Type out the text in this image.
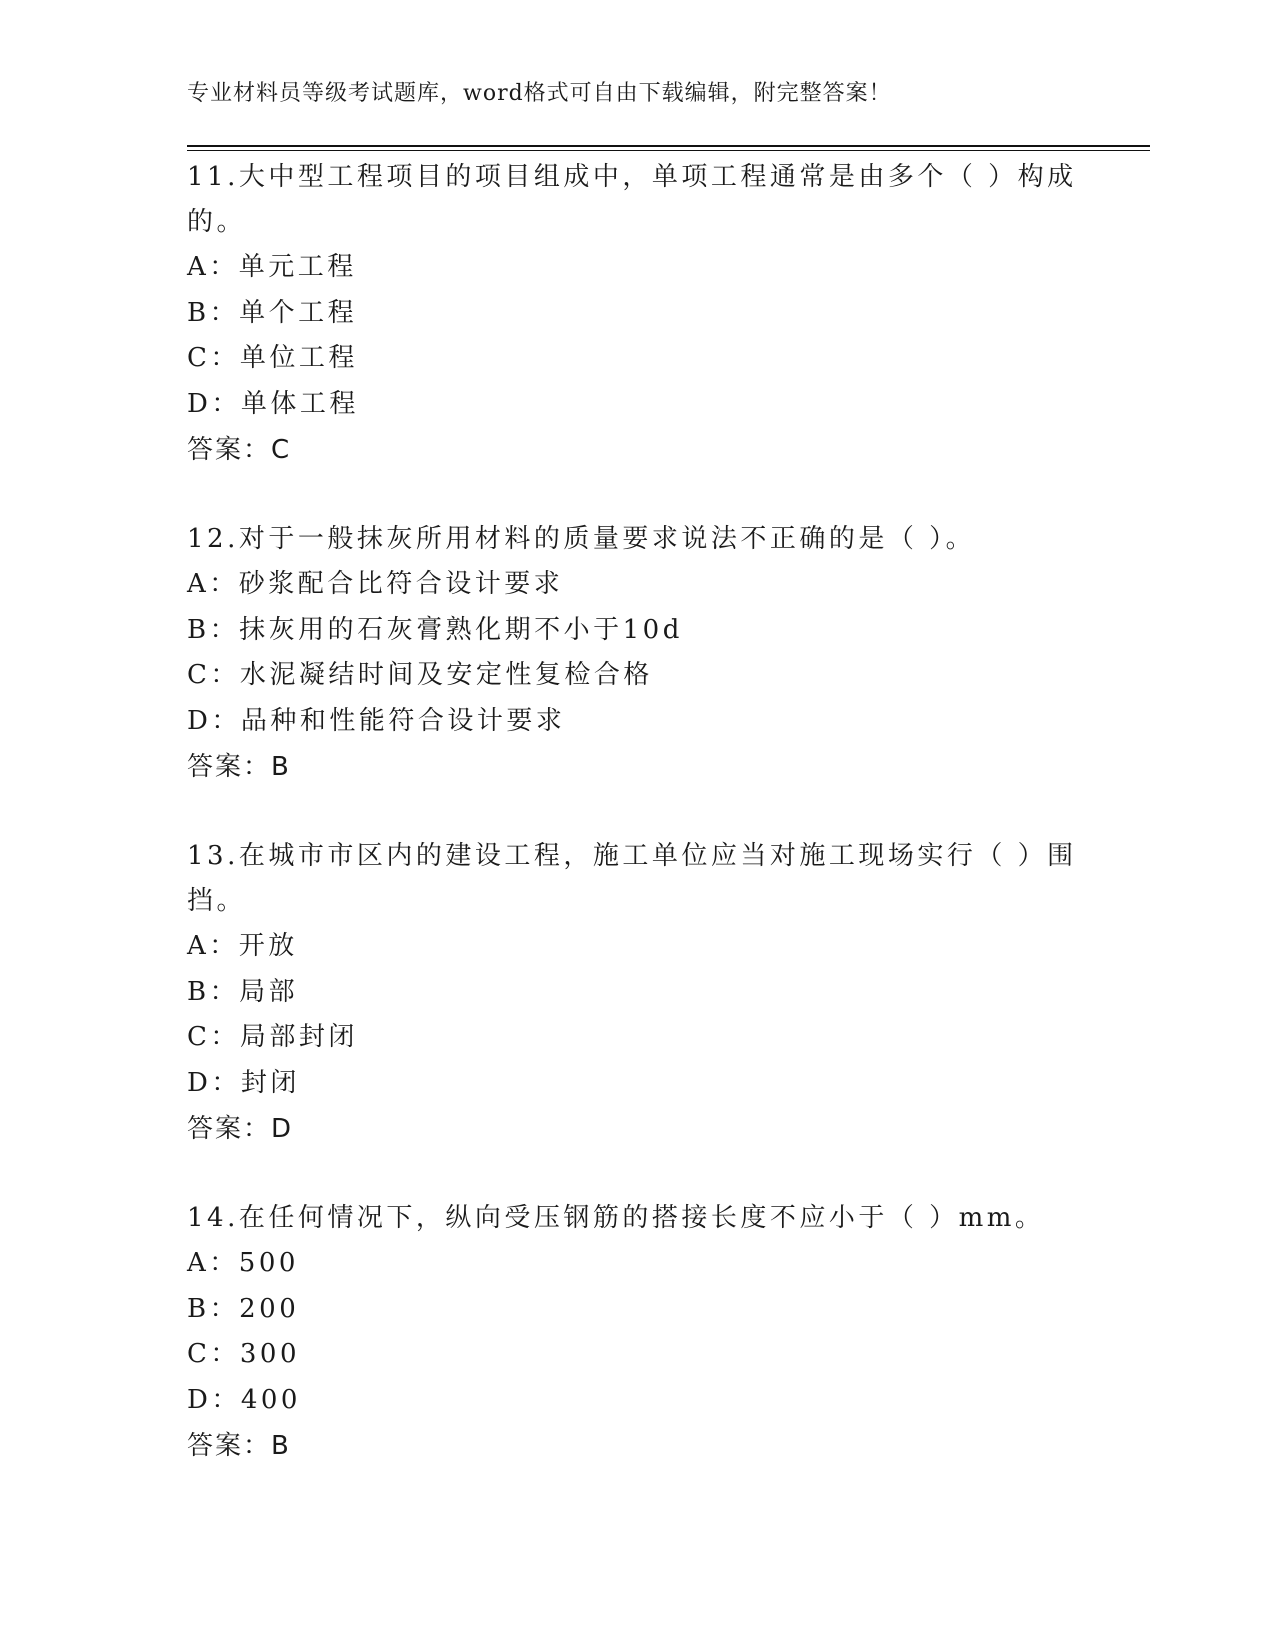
专业材料员等级考试题库，word格式可自由下载编辑，附完整答案！
11.大中型工程项目的项目组成中，单项工程通常是由多个（ ）构成的。
A：单元工程
B：单个工程
C：单位工程
D：单体工程
答案：C
12.对于一般抹灰所用材料的质量要求说法不正确的是（ ）。
A：砂浆配合比符合设计要求
B：抹灰用的石灰膏熟化期不小于10d
C：水泥凝结时间及安定性复检合格
D：品种和性能符合设计要求
答案：B
13.在城市市区内的建设工程，施工单位应当对施工现场实行（ ）围挡。
A：开放
B：局部
C：局部封闭
D：封闭
答案：D
14.在任何情况下，纵向受压钢筋的搭接长度不应小于（ ）mm。
A：500
B：200
C：300
D：400
答案：B
